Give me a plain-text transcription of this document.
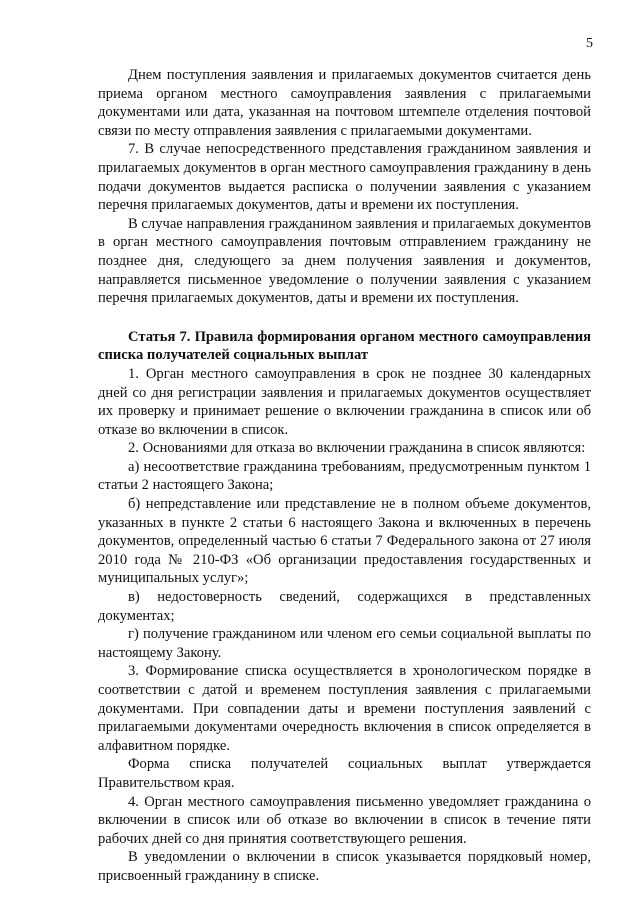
5

Днем поступления заявления и прилагаемых документов считается день приема органом местного самоуправления заявления с прилагаемыми документами или дата, указанная на почтовом штемпеле отделения почтовой связи по месту отправления заявления с прилагаемыми документами.

7. В случае непосредственного представления гражданином заявления и прилагаемых документов в орган местного самоуправления гражданину в день подачи документов выдается расписка о получении заявления с указанием перечня прилагаемых документов, даты и времени их поступления.

В случае направления гражданином заявления и прилагаемых документов в орган местного самоуправления почтовым отправлением гражданину не позднее дня, следующего за днем получения заявления и документов, направляется письменное уведомление о получении заявления с указанием перечня прилагаемых документов, даты и времени их поступления.

Статья 7. Правила формирования органом местного самоуправления списка получателей социальных выплат

1. Орган местного самоуправления в срок не позднее 30 календарных дней со дня регистрации заявления и прилагаемых документов осуществляет их проверку и принимает решение о включении гражданина в список или об отказе во включении в список.

2. Основаниями для отказа во включении гражданина в список являются:

а) несоответствие гражданина требованиям, предусмотренным пунктом 1 статьи 2 настоящего Закона;

б) непредставление или представление не в полном объеме документов, указанных в пункте 2 статьи 6 настоящего Закона и включенных в перечень документов, определенный частью 6 статьи 7 Федерального закона от 27 июля 2010 года № 210-ФЗ «Об организации предоставления государственных и муниципальных услуг»;

в) недостоверность сведений, содержащихся в представленных документах;

г) получение гражданином или членом его семьи социальной выплаты по настоящему Закону.

3. Формирование списка осуществляется в хронологическом порядке в соответствии с датой и временем поступления заявления с прилагаемыми документами. При совпадении даты и времени поступления заявлений с прилагаемыми документами очередность включения в список определяется в алфавитном порядке.

Форма списка получателей социальных выплат утверждается Правительством края.

4. Орган местного самоуправления письменно уведомляет гражданина о включении в список или об отказе во включении в список в течение пяти рабочих дней со дня принятия соответствующего решения.

В уведомлении о включении в список указывается порядковый номер, присвоенный гражданину в списке.
